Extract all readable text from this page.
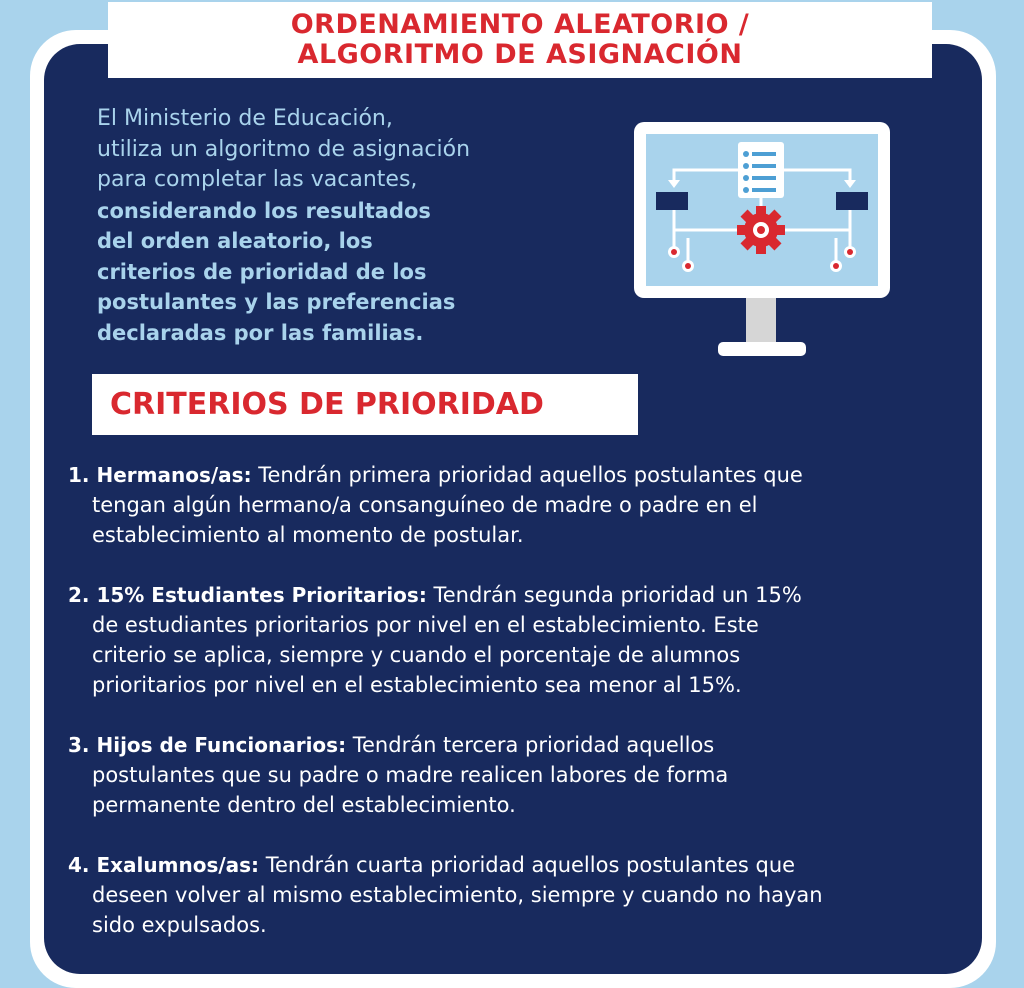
ORDENAMIENTO ALEATORIO /
ALGORITMO DE ASIGNACIÓN
El Ministerio de Educación,
utiliza un algoritmo de asignación
para completar las vacantes,
considerando los resultados
del orden aleatorio, los
criterios de prioridad de los
postulantes y las preferencias
declaradas por las familias.
CRITERIOS DE PRIORIDAD
1. Hermanos/as: Tendrán primera prioridad aquellos postulantes que
tengan algún hermano/a consanguíneo de madre o padre en el
establecimiento al momento de postular.
2. 15% Estudiantes Prioritarios: Tendrán segunda prioridad un 15%
de estudiantes prioritarios por nivel en el establecimiento. Este
criterio se aplica, siempre y cuando el porcentaje de alumnos
prioritarios por nivel en el establecimiento sea menor al 15%.
3. Hijos de Funcionarios: Tendrán tercera prioridad aquellos
postulantes que su padre o madre realicen labores de forma
permanente dentro del establecimiento.
4. Exalumnos/as: Tendrán cuarta prioridad aquellos postulantes que
deseen volver al mismo establecimiento, siempre y cuando no hayan
sido expulsados.
